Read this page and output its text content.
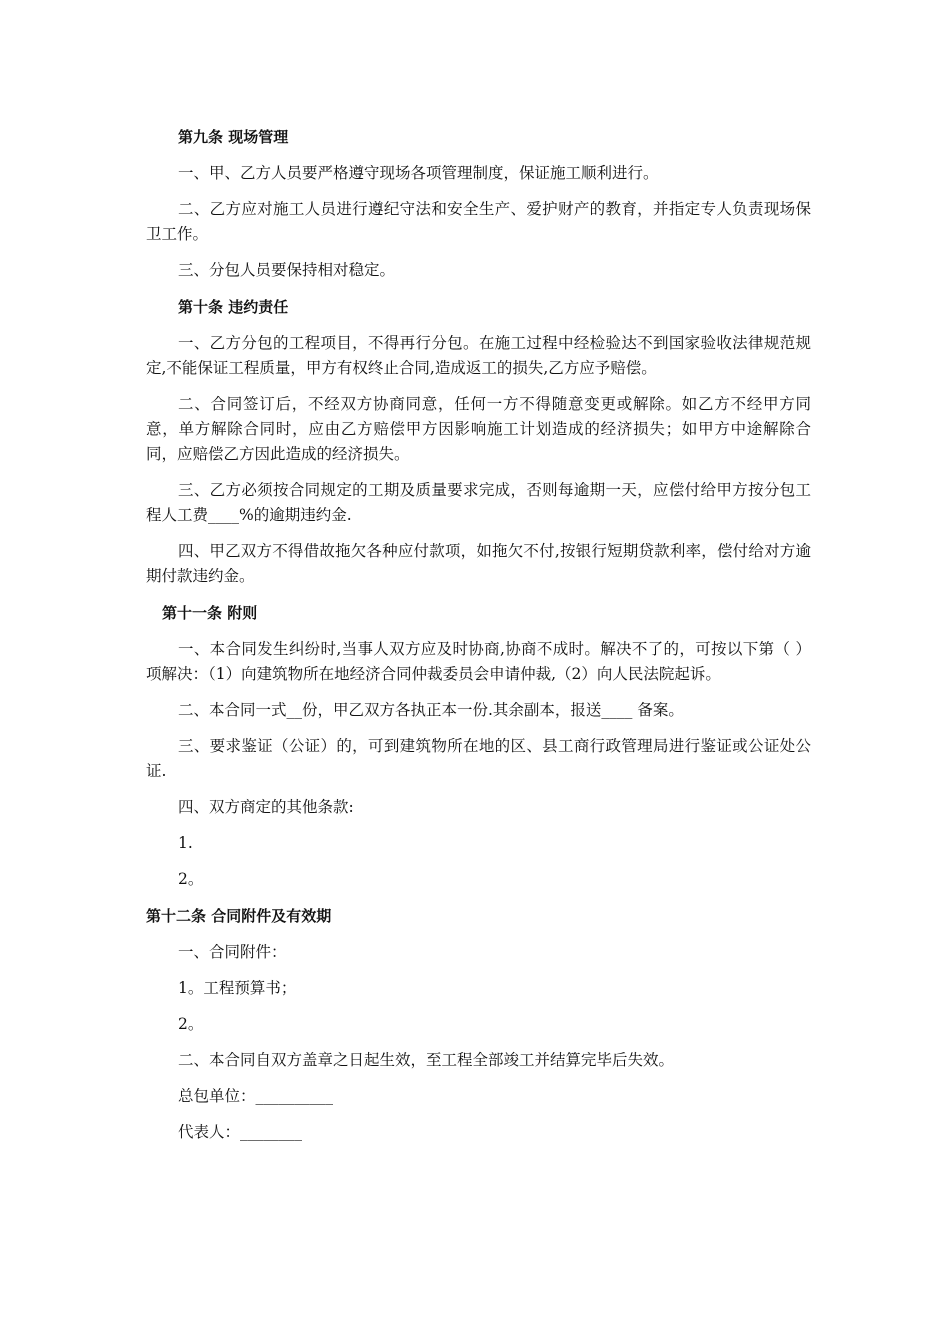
第九条 现场管理

一、甲、乙方人员要严格遵守现场各项管理制度，保证施工顺利进行。

二、乙方应对施工人员进行遵纪守法和安全生产、爱护财产的教育，并指定专人负责现场保卫工作。

三、分包人员要保持相对稳定。

第十条 违约责任

一、乙方分包的工程项目，不得再行分包。在施工过程中经检验达不到国家验收法律规范规定,不能保证工程质量，甲方有权终止合同,造成返工的损失,乙方应予赔偿。

二、合同签订后，不经双方协商同意，任何一方不得随意变更或解除。如乙方不经甲方同意，单方解除合同时，应由乙方赔偿甲方因影响施工计划造成的经济损失；如甲方中途解除合同，应赔偿乙方因此造成的经济损失。

三、乙方必须按合同规定的工期及质量要求完成，否则每逾期一天，应偿付给甲方按分包工程人工费____%的逾期违约金.

四、甲乙双方不得借故拖欠各种应付款项，如拖欠不付,按银行短期贷款利率，偿付给对方逾期付款违约金。

第十一条 附则

一、本合同发生纠纷时,当事人双方应及时协商,协商不成时。解决不了的，可按以下第（ ）项解决：（1）向建筑物所在地经济合同仲裁委员会申请仲裁,（2）向人民法院起诉。

二、本合同一式__份，甲乙双方各执正本一份.其余副本，报送____ 备案。

三、要求鉴证（公证）的，可到建筑物所在地的区、县工商行政管理局进行鉴证或公证处公证.

四、双方商定的其他条款:

1.

2。

第十二条 合同附件及有效期

一、合同附件：

1。工程预算书；

2。

二、本合同自双方盖章之日起生效，至工程全部竣工并结算完毕后失效。

总包单位：__________

代表人：________
